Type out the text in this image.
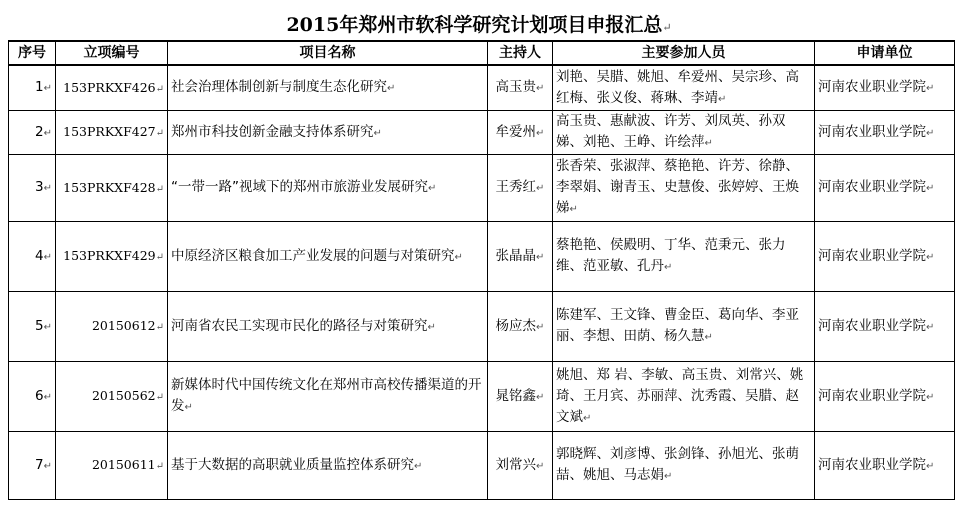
2015年郑州市软科学研究计划项目申报汇总↵
序号	立项编号	项目名称	主持人	主要参加人员	申请单位
1↵	153PRKXF426↵	社会治理体制创新与制度生态化研究↵	高玉贵↵	刘艳、吴腊、姚旭、牟爱州、吴宗珍、高红梅、张义俊、蒋琳、李靖↵	河南农业职业学院↵
2↵	153PRKXF427↵	郑州市科技创新金融支持体系研究↵	牟爱州↵	高玉贵、惠献波、许芳、刘凤英、孙双娣、刘艳、王峥、许绘萍↵	河南农业职业学院↵
3↵	153PRKXF428↵	“一带一路”视域下的郑州市旅游业发展研究↵	王秀红↵	张香荣、张淑萍、蔡艳艳、许芳、徐静、李翠娟、谢青玉、史慧俊、张婷婷、王焕娣↵	河南农业职业学院↵
4↵	153PRKXF429↵	中原经济区粮食加工产业发展的问题与对策研究↵	张晶晶↵	蔡艳艳、侯殿明、丁华、范秉元、张力维、范亚敏、孔丹↵	河南农业职业学院↵
5↵	20150612↵	河南省农民工实现市民化的路径与对策研究↵	杨应杰↵	陈建军、王文锋、曹金臣、葛向华、李亚丽、李想、田荫、杨久慧↵	河南农业职业学院↵
6↵	20150562↵	新媒体时代中国传统文化在郑州市高校传播渠道的开发↵	晁铭鑫↵	姚旭、郑 岩、李敏、高玉贵、刘常兴、姚琦、王月宾、苏丽萍、沈秀霞、吴腊、赵文斌↵	河南农业职业学院↵
7↵	20150611↵	基于大数据的高职就业质量监控体系研究↵	刘常兴↵	郭晓辉、刘彦博、张剑锋、孙旭光、张萌喆、姚旭、马志娟↵	河南农业职业学院↵
